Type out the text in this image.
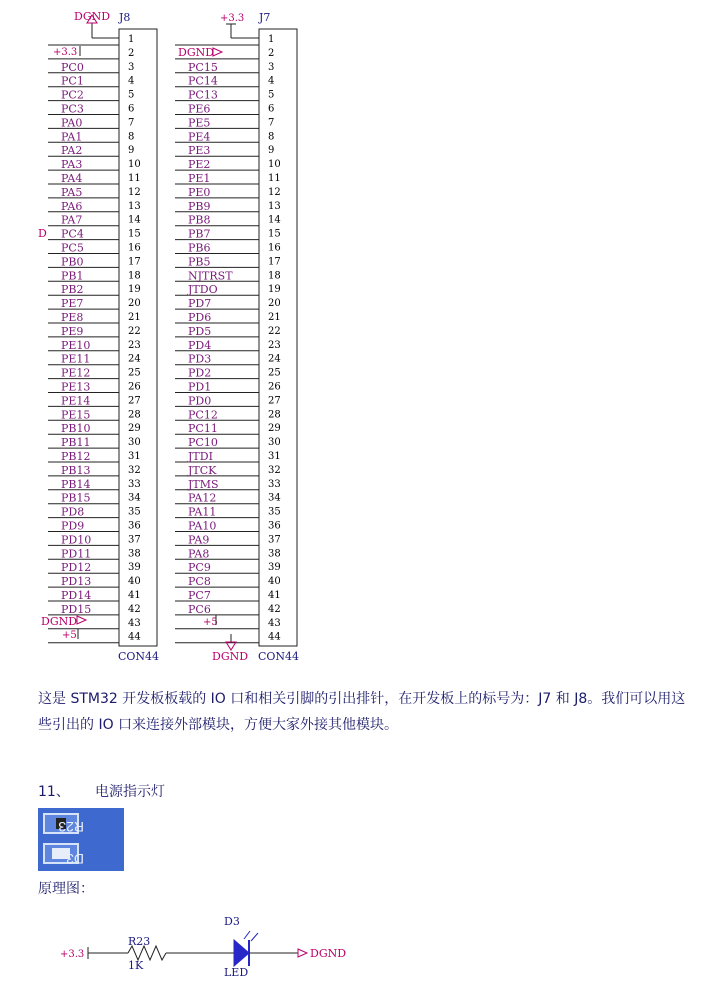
1
2
3
PC0
4
PC1
5
PC2
6
PC3
7
PA0
8
PA1
9
PA2
10
PA3
11
PA4
12
PA5
13
PA6
14
PA7
15
PC4
16
PC5
17
PB0
18
PB1
19
PB2
20
PE7
21
PE8
22
PE9
23
PE10
24
PE11
25
PE12
26
PE13
27
PE14
28
PE15
29
PB10
30
PB11
31
PB12
32
PB13
33
PB14
34
PB15
35
PD8
36
PD9
37
PD10
38
PD11
39
PD12
40
PD13
41
PD14
42
PD15
43
44
J8
CON44
DGND
+3.3
D
DGND
+5
1
2
3
PC15
4
PC14
5
PC13
6
PE6
7
PE5
8
PE4
9
PE3
10
PE2
11
PE1
12
PE0
13
PB9
14
PB8
15
PB7
16
PB6
17
PB5
18
NJTRST
19
JTDO
20
PD7
21
PD6
22
PD5
23
PD4
24
PD3
25
PD2
26
PD1
27
PD0
28
PC12
29
PC11
30
PC10
31
JTDI
32
JTCK
33
JTMS
34
PA12
35
PA11
36
PA10
37
PA9
38
PA8
39
PC9
40
PC8
41
PC7
42
PC6
43
44
J7
CON44
+3.3
DGND
+5
DGND
+3.3
R23
1K
D3
LED
DGND
这是 STM32 开发板板载的 IO 口和相关引脚的引出排针，在开发板上的标号为：J7 和 J8。我们可以用这些引出的 IO 口来连接外部模块，方便大家外接其他模块。
11、 电源指示灯
R23
D3
原理图：
